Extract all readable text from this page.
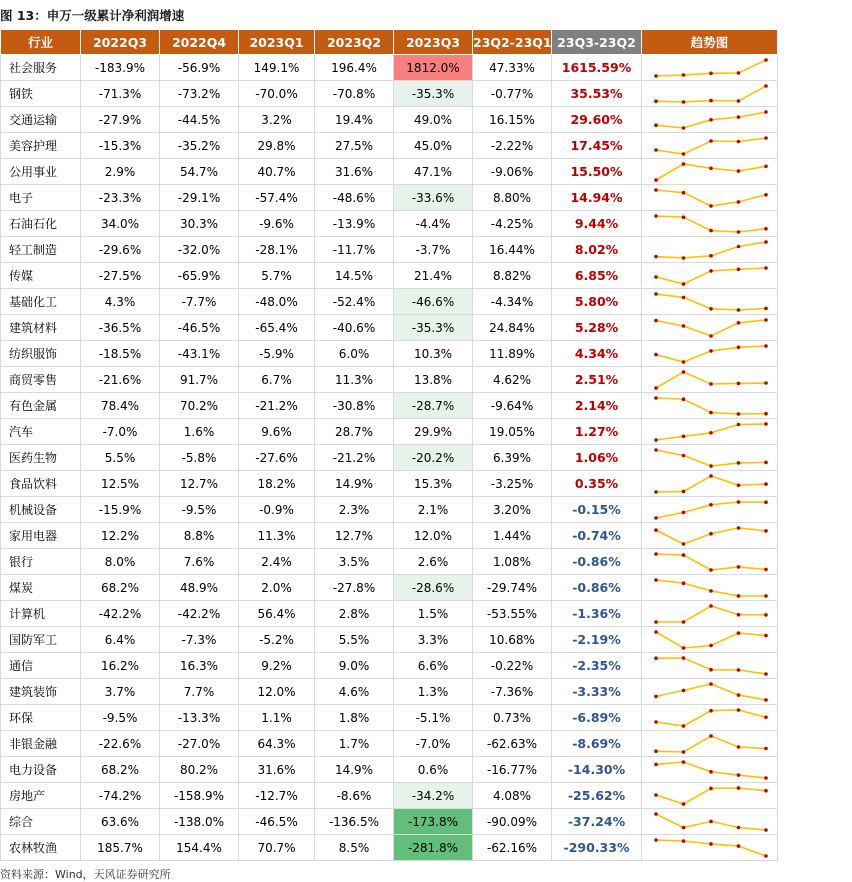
图 13：申万一级累计净利润增速
行业	2022Q3	2022Q4	2023Q1	2023Q2	2023Q3	23Q2-23Q1	23Q3-23Q2	趋势图
社会服务	-183.9%	-56.9%	149.1%	196.4%	1812.0%	47.33%	1615.59%	

钢铁	-71.3%	-73.2%	-70.0%	-70.8%	-35.3%	-0.77%	35.53%	

交通运输	-27.9%	-44.5%	3.2%	19.4%	49.0%	16.15%	29.60%	

美容护理	-15.3%	-35.2%	29.8%	27.5%	45.0%	-2.22%	17.45%	

公用事业	2.9%	54.7%	40.7%	31.6%	47.1%	-9.06%	15.50%	

电子	-23.3%	-29.1%	-57.4%	-48.6%	-33.6%	8.80%	14.94%	

石油石化	34.0%	30.3%	-9.6%	-13.9%	-4.4%	-4.25%	9.44%	

轻工制造	-29.6%	-32.0%	-28.1%	-11.7%	-3.7%	16.44%	8.02%	

传媒	-27.5%	-65.9%	5.7%	14.5%	21.4%	8.82%	6.85%	

基础化工	4.3%	-7.7%	-48.0%	-52.4%	-46.6%	-4.34%	5.80%	

建筑材料	-36.5%	-46.5%	-65.4%	-40.6%	-35.3%	24.84%	5.28%	

纺织服饰	-18.5%	-43.1%	-5.9%	6.0%	10.3%	11.89%	4.34%	

商贸零售	-21.6%	91.7%	6.7%	11.3%	13.8%	4.62%	2.51%	

有色金属	78.4%	70.2%	-21.2%	-30.8%	-28.7%	-9.64%	2.14%	

汽车	-7.0%	1.6%	9.6%	28.7%	29.9%	19.05%	1.27%	

医药生物	5.5%	-5.8%	-27.6%	-21.2%	-20.2%	6.39%	1.06%	

食品饮料	12.5%	12.7%	18.2%	14.9%	15.3%	-3.25%	0.35%	

机械设备	-15.9%	-9.5%	-0.9%	2.3%	2.1%	3.20%	-0.15%	

家用电器	12.2%	8.8%	11.3%	12.7%	12.0%	1.44%	-0.74%	

银行	8.0%	7.6%	2.4%	3.5%	2.6%	1.08%	-0.86%	

煤炭	68.2%	48.9%	2.0%	-27.8%	-28.6%	-29.74%	-0.86%	

计算机	-42.2%	-42.2%	56.4%	2.8%	1.5%	-53.55%	-1.36%	

国防军工	6.4%	-7.3%	-5.2%	5.5%	3.3%	10.68%	-2.19%	

通信	16.2%	16.3%	9.2%	9.0%	6.6%	-0.22%	-2.35%	

建筑装饰	3.7%	7.7%	12.0%	4.6%	1.3%	-7.36%	-3.33%	

环保	-9.5%	-13.3%	1.1%	1.8%	-5.1%	0.73%	-6.89%	

非银金融	-22.6%	-27.0%	64.3%	1.7%	-7.0%	-62.63%	-8.69%	

电力设备	68.2%	80.2%	31.6%	14.9%	0.6%	-16.77%	-14.30%	

房地产	-74.2%	-158.9%	-12.7%	-8.6%	-34.2%	4.08%	-25.62%	

综合	63.6%	-138.0%	-46.5%	-136.5%	-173.8%	-90.09%	-37.24%	

农林牧渔	185.7%	154.4%	70.7%	8.5%	-281.8%	-62.16%	-290.33%	
资料来源：Wind，天风证券研究所
